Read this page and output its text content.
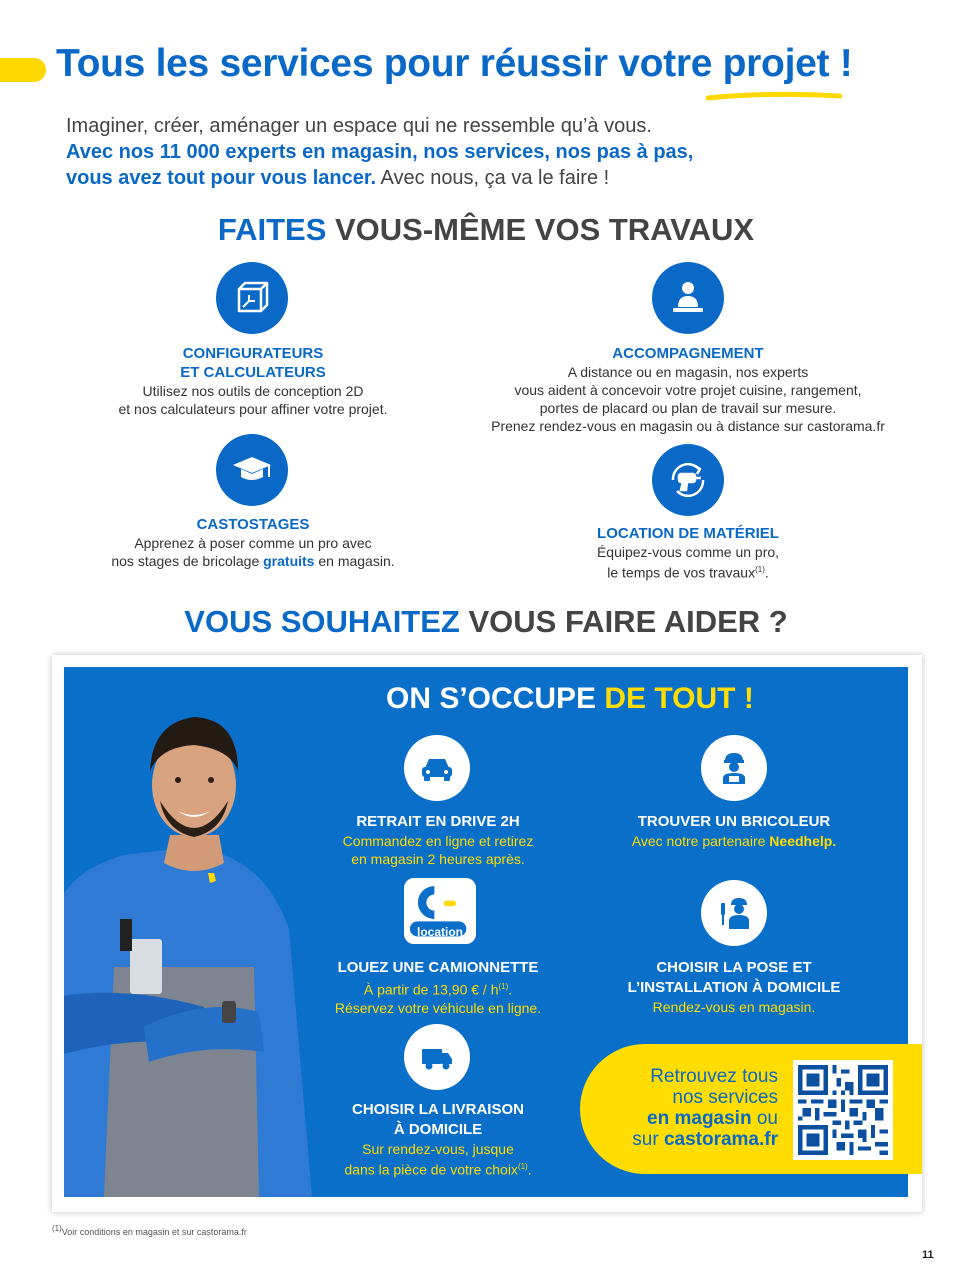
Tous les services pour réussir votre projet !
Imaginer, créer, aménager un espace qui ne ressemble qu’à vous.
Avec nos 11 000 experts en magasin, nos services, nos pas à pas,
vous avez tout pour vous lancer. Avec nous, ça va le faire !
FAITES VOUS-MÊME VOS TRAVAUX
CONFIGURATEURS
ET CALCULATEURS
Utilisez nos outils de conception 2D
et nos calculateurs pour affiner votre projet.
ACCOMPAGNEMENT
A distance ou en magasin, nos experts
vous aident à concevoir votre projet cuisine, rangement,
portes de placard ou plan de travail sur mesure.
Prenez rendez-vous en magasin ou à distance sur castorama.fr
CASTOSTAGES
Apprenez à poser comme un pro avec
nos stages de bricolage gratuits en magasin.
LOCATION DE MATÉRIEL
Équipez-vous comme un pro,
le temps de vos travaux$^{(1)}$.
VOUS SOUHAITEZ VOUS FAIRE AIDER ?
ON S’OCCUPE DE TOUT !
RETRAIT EN DRIVE 2H
Commandez en ligne et retirez
en magasin 2 heures après.
TROUVER UN BRICOLEUR
Avec notre partenaire Needhelp.
location
LOUEZ UNE CAMIONNETTE
À partir de 13,90 € / $h^{(1)}$.
Réservez votre véhicule en ligne.
CHOISIR LA POSE ET
L’INSTALLATION À DOMICILE
Rendez-vous en magasin.
CHOISIR LA LIVRAISON
À DOMICILE
Sur rendez-vous, jusque
dans la pièce de votre choix$^{(1)}$.
Retrouvez tous
nos services
en magasin ou
sur castorama.fr
$^{(1)}$Voir conditions en magasin et sur castorama.fr
11
